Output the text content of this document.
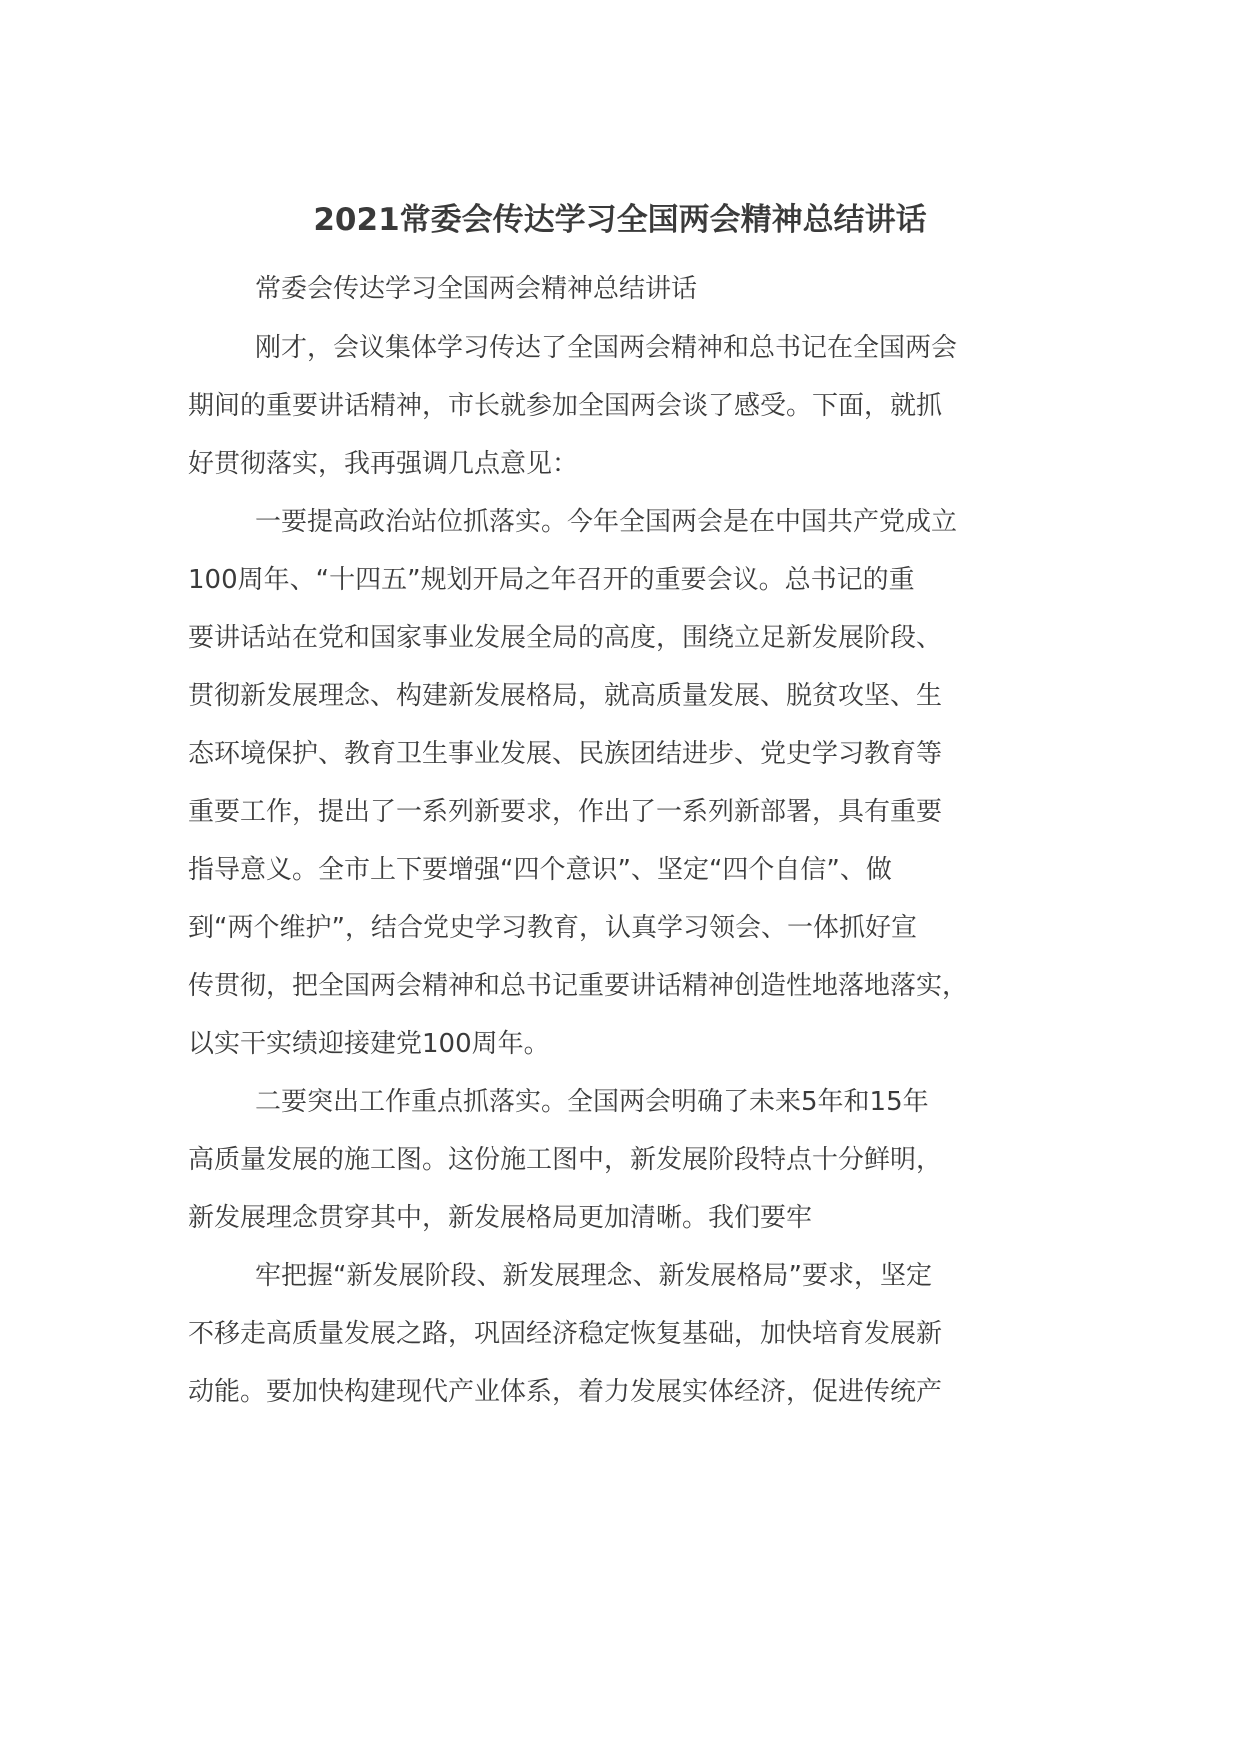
2021常委会传达学习全国两会精神总结讲话

常委会传达学习全国两会精神总结讲话

刚才，会议集体学习传达了全国两会精神和总书记在全国两会

期间的重要讲话精神，市长就参加全国两会谈了感受。下面，就抓

好贯彻落实，我再强调几点意见：

一要提高政治站位抓落实。今年全国两会是在中国共产党成立

100周年、“十四五”规划开局之年召开的重要会议。总书记的重

要讲话站在党和国家事业发展全局的高度，围绕立足新发展阶段、

贯彻新发展理念、构建新发展格局，就高质量发展、脱贫攻坚、生

态环境保护、教育卫生事业发展、民族团结进步、党史学习教育等

重要工作，提出了一系列新要求，作出了一系列新部署，具有重要

指导意义。全市上下要增强“四个意识”、坚定“四个自信”、做

到“两个维护”，结合党史学习教育，认真学习领会、一体抓好宣

传贯彻，把全国两会精神和总书记重要讲话精神创造性地落地落实，

以实干实绩迎接建党100周年。

二要突出工作重点抓落实。全国两会明确了未来5年和15年

高质量发展的施工图。这份施工图中，新发展阶段特点十分鲜明，

新发展理念贯穿其中，新发展格局更加清晰。我们要牢

牢把握“新发展阶段、新发展理念、新发展格局”要求，坚定

不移走高质量发展之路，巩固经济稳定恢复基础，加快培育发展新

动能。要加快构建现代产业体系，着力发展实体经济，促进传统产
